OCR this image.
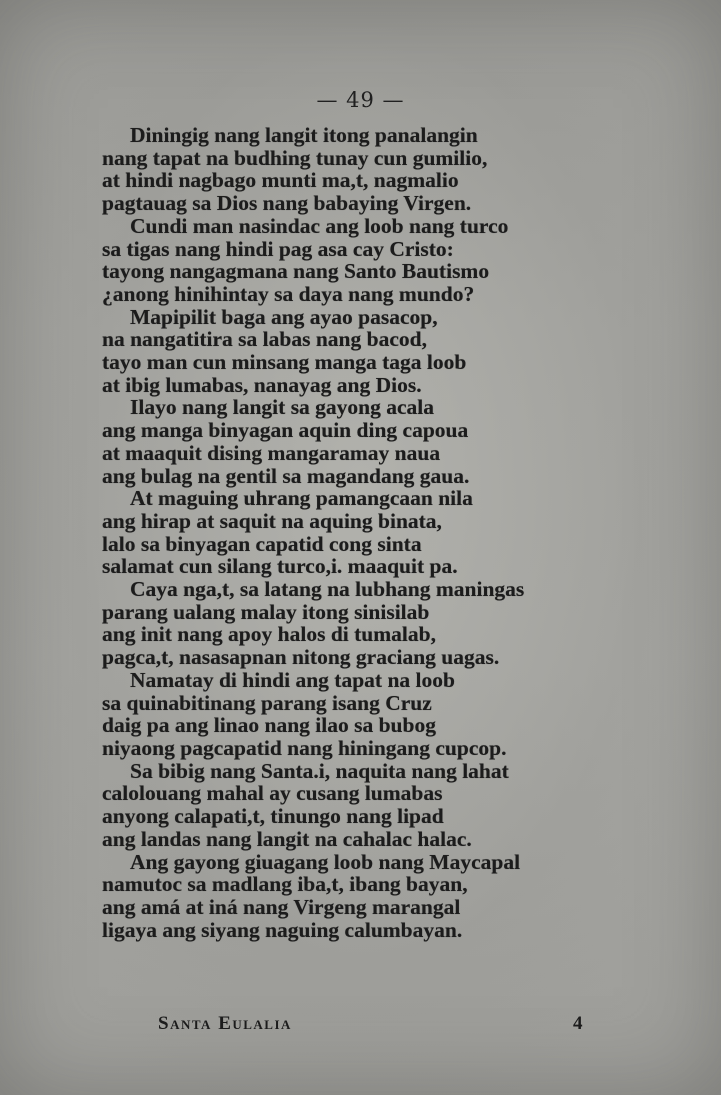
— 49 —
Diningig nang langit itong panalangin
nang tapat na budhing tunay cun gumilio,
at hindi nagbago munti ma,t, nagmalio
pagtauag sa Dios nang babaying Virgen.
Cundi man nasindac ang loob nang turco
sa tigas nang hindi pag asa cay Cristo:
tayong nangagmana nang Santo Bautismo
¿anong hinihintay sa daya nang mundo?
Mapipilit baga ang ayao pasacop,
na nangatitira sa labas nang bacod,
tayo man cun minsang manga taga loob
at ibig lumabas, nanayag ang Dios.
Ilayo nang langit sa gayong acala
ang manga binyagan aquin ding capoua
at maaquit dising mangaramay naua
ang bulag na gentil sa magandang gaua.
At maguing uhrang pamangcaan nila
ang hirap at saquit na aquing binata,
lalo sa binyagan capatid cong sinta
salamat cun silang turco,i. maaquit pa.
Caya nga,t, sa latang na lubhang maningas
parang ualang malay itong sinisilab
ang init nang apoy halos di tumalab,
pagca,t, nasasapnan nitong graciang uagas.
Namatay di hindi ang tapat na loob
sa quinabitinang parang isang Cruz
daig pa ang linao nang ilao sa bubog
niyaong pagcapatid nang hiningang cupcop.
Sa bibig nang Santa.i, naquita nang lahat
calolouang mahal ay cusang lumabas
anyong calapati,t, tinungo nang lipad
ang landas nang langit na cahalac halac.
Ang gayong giuagang loob nang Maycapal
namutoc sa madlang iba,t, ibang bayan,
ang amá at iná nang Virgeng marangal
ligaya ang siyang naguing calumbayan.
Santa Eulalia	4
